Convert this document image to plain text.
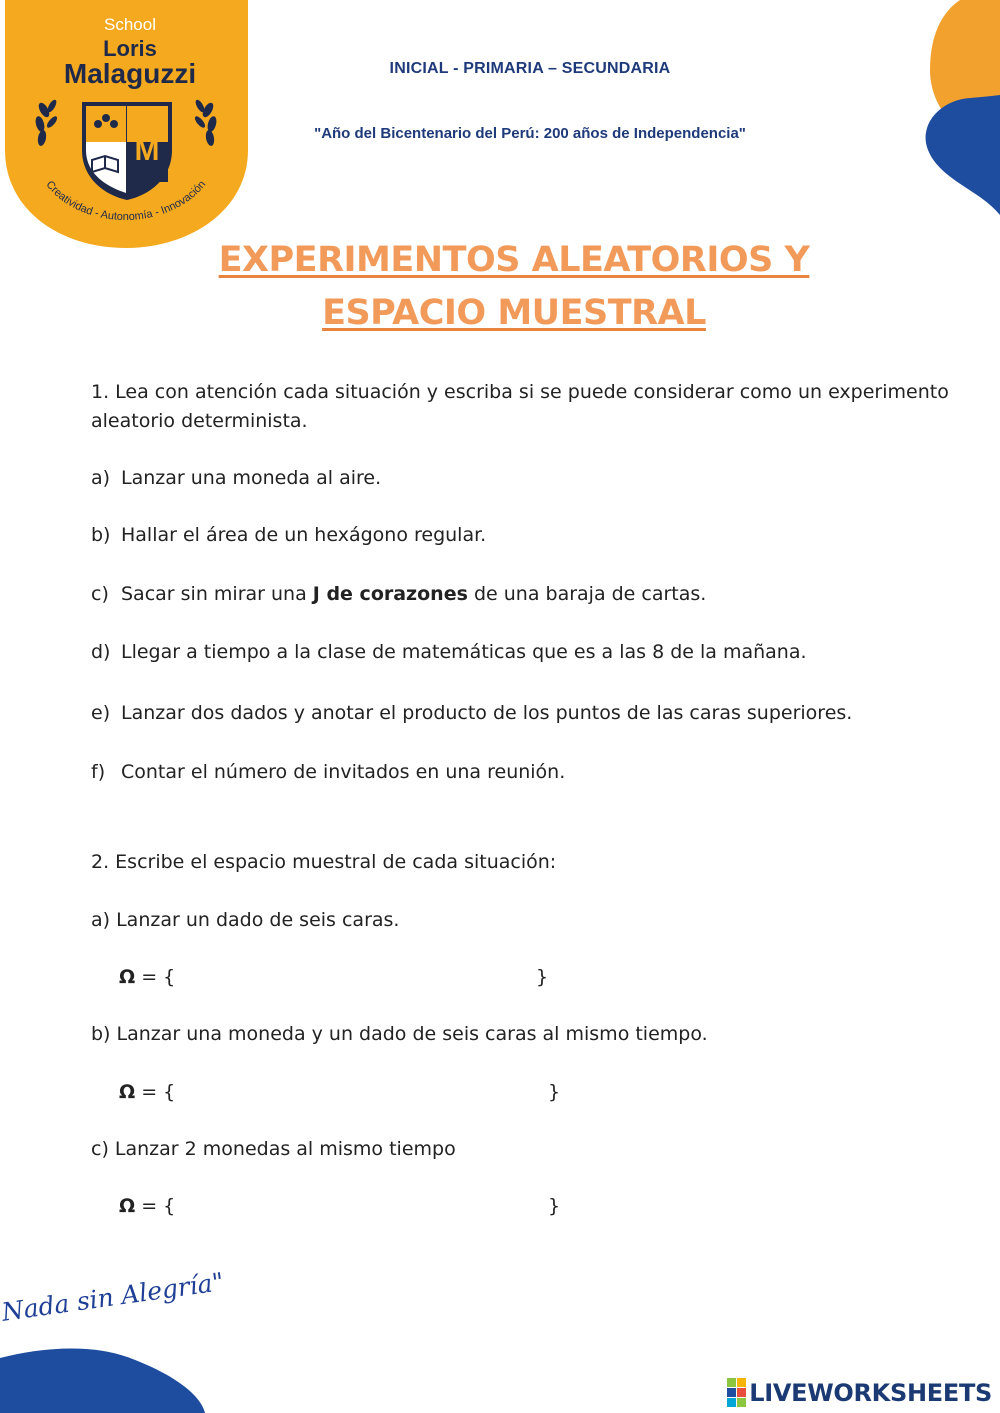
School
Loris
Malaguzzi
M
Creatividad - Autonomía - Innovación
INICIAL - PRIMARIA – SECUNDARIA
"Año del Bicentenario del Perú: 200 años de Independencia"
EXPERIMENTOS ALEATORIOS Y
ESPACIO MUESTRAL
1. Lea con atención cada situación y escriba si se puede considerar como un experimento
aleatorio determinista.
a) Lanzar una moneda al aire.
b) Hallar el área de un hexágono regular.
c) Sacar sin mirar una J de corazones de una baraja de cartas.
d) Llegar a tiempo a la clase de matemáticas que es a las 8 de la mañana.
e) Lanzar dos dados y anotar el producto de los puntos de las caras superiores.
f) Contar el número de invitados en una reunión.
2. Escribe el espacio muestral de cada situación:
a) Lanzar un dado de seis caras.
Ω = {	}
b) Lanzar una moneda y un dado de seis caras al mismo tiempo.
Ω = {	}
c) Lanzar 2 monedas al mismo tiempo
Ω = {	}
Nada sin Alegría"
LIVEWORKSHEETS
